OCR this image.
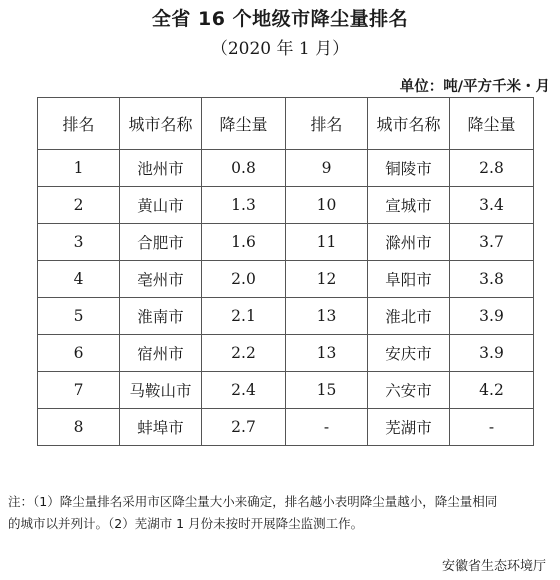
全省 16 个地级市降尘量排名
（2020 年 1 月）
单位：吨/平方千米・月
排名	城市名称	降尘量	排名	城市名称	降尘量
1	池州市	0.8	9	铜陵市	2.8
2	黄山市	1.3	10	宣城市	3.4
3	合肥市	1.6	11	滁州市	3.7
4	亳州市	2.0	12	阜阳市	3.8
5	淮南市	2.1	13	淮北市	3.9
6	宿州市	2.2	13	安庆市	3.9
7	马鞍山市	2.4	15	六安市	4.2
8	蚌埠市	2.7	-	芜湖市	-

注：（1）降尘量排名采用市区降尘量大小来确定，排名越小表明降尘量越小，降尘量相同
的城市以并列计。（2）芜湖市 1 月份未按时开展降尘监测工作。

安徽省生态环境厅
